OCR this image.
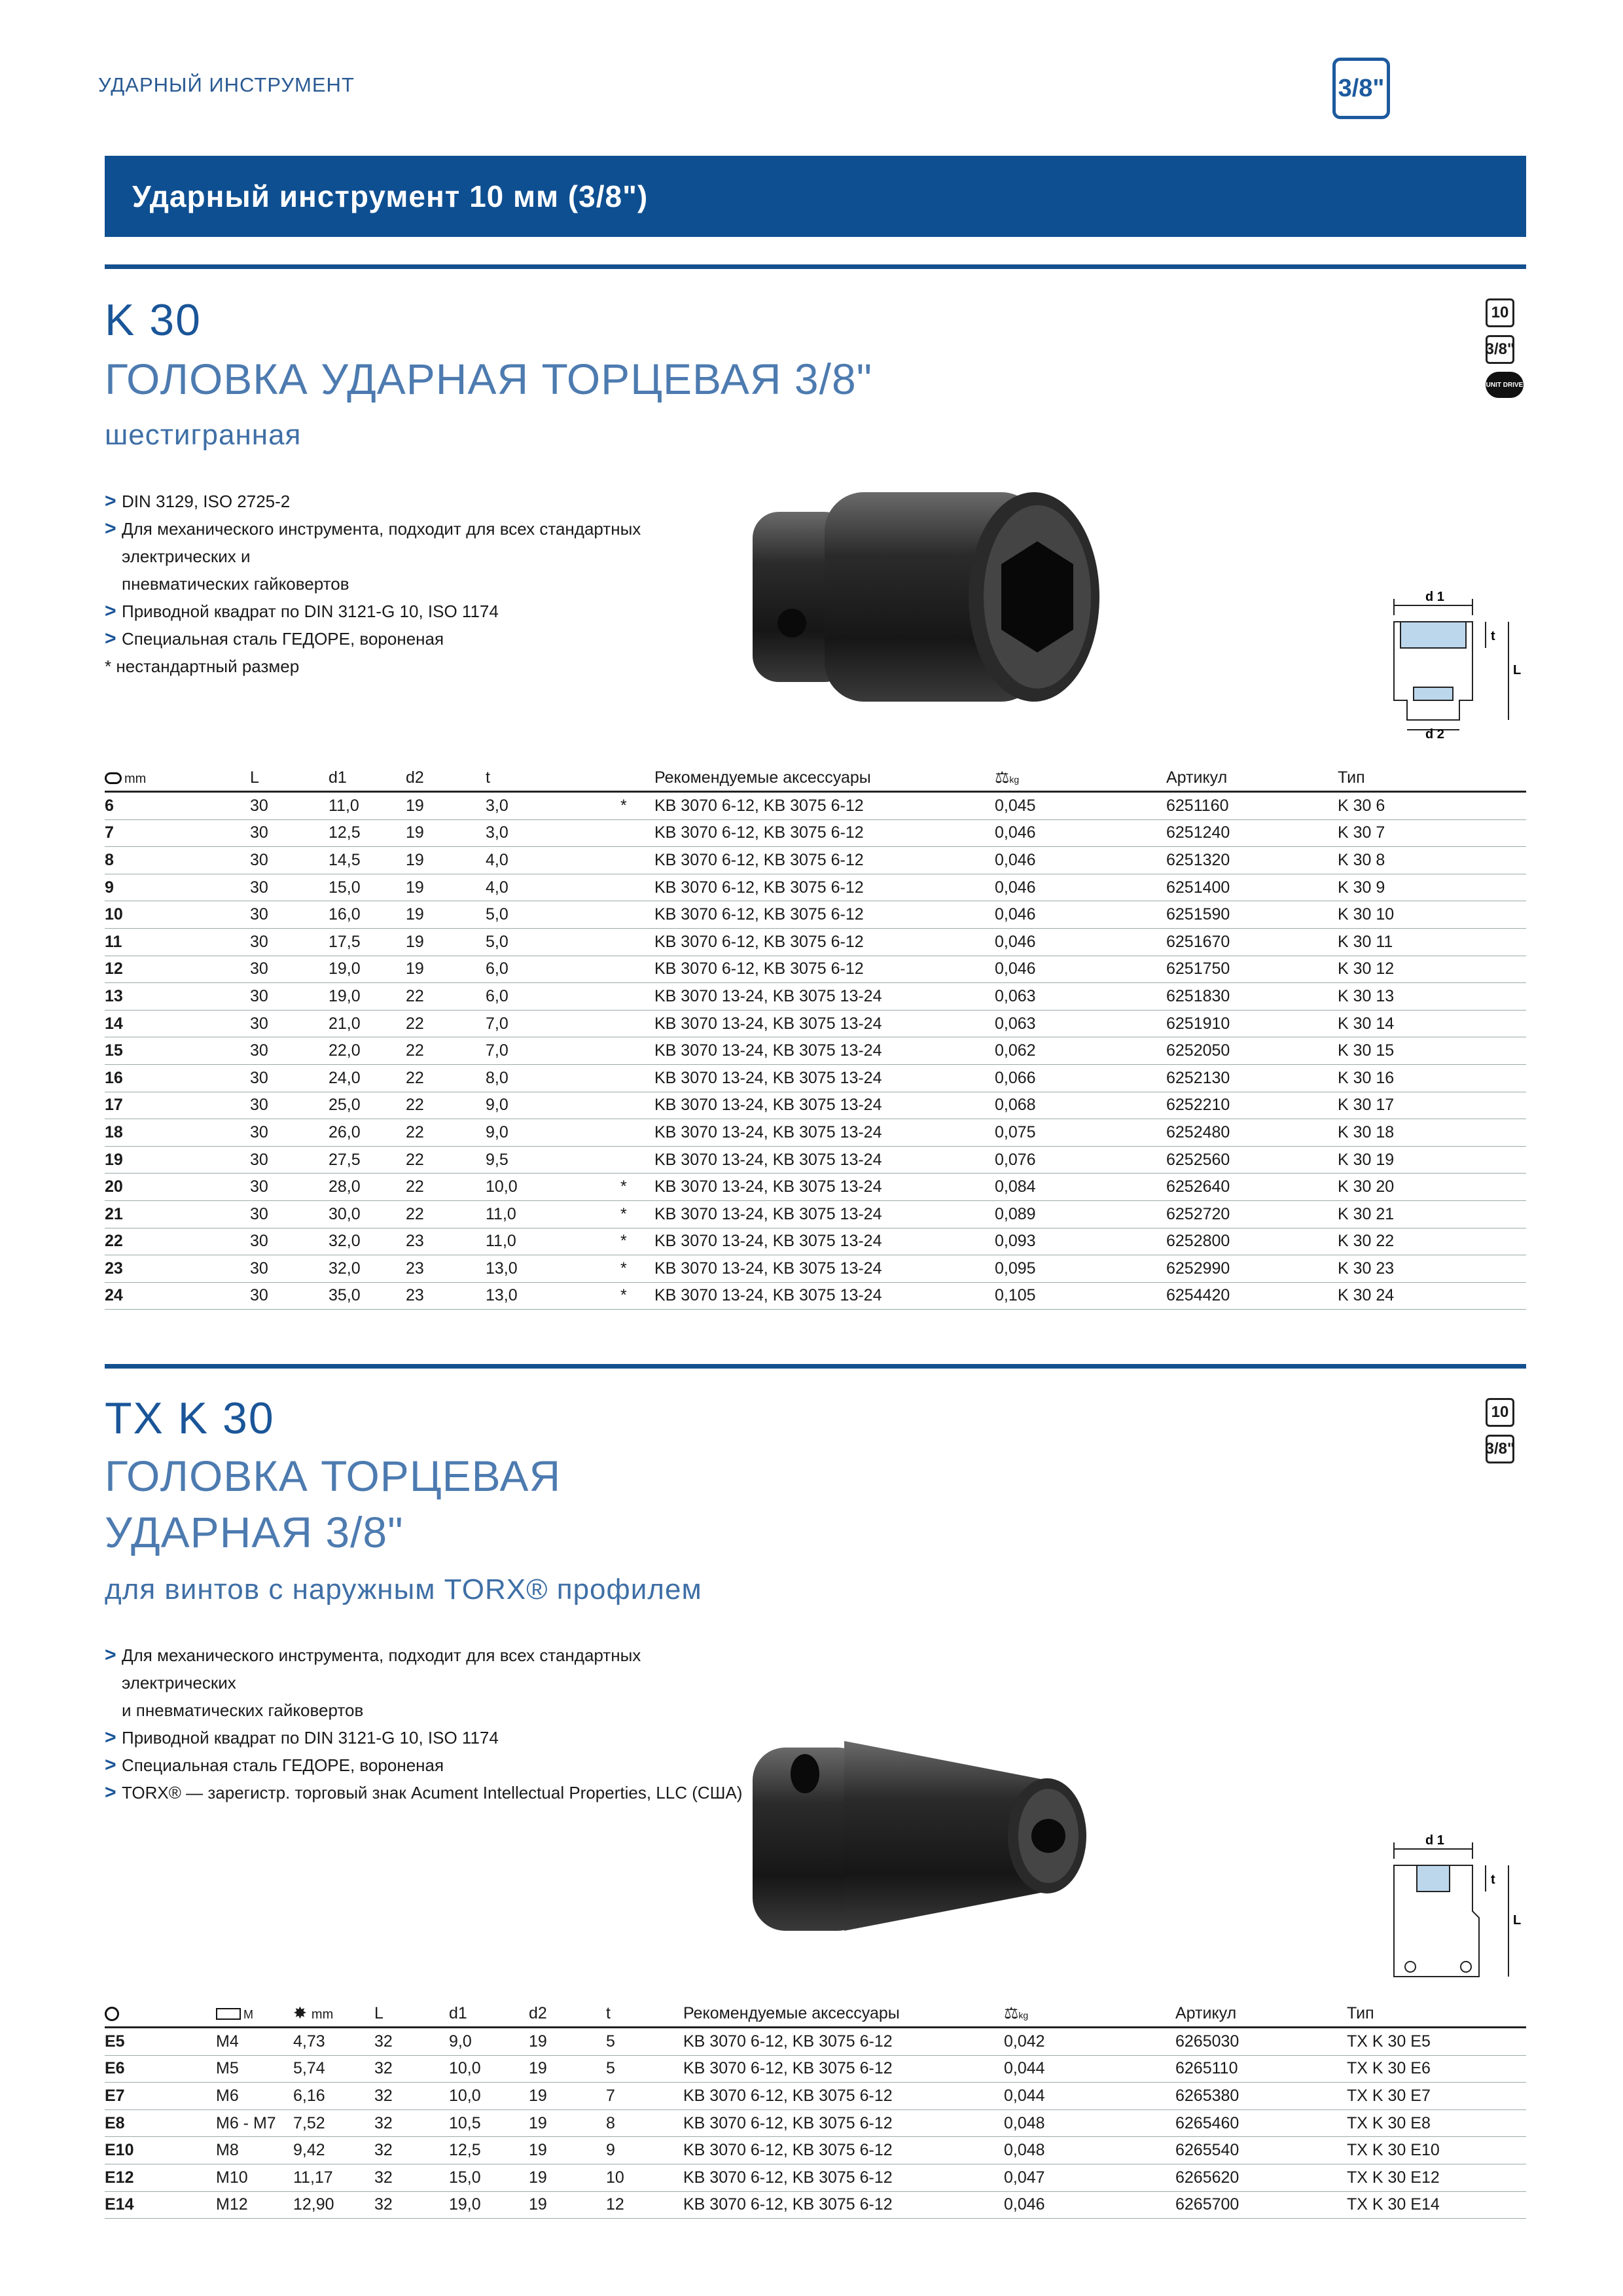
УДАРНЫЙ ИНСТРУМЕНТ	3/8"
Ударный инструмент 10 мм (3/8")
K 30
ГОЛОВКА УДАРНАЯ ТОРЦЕВАЯ 3/8"
шестигранная
10
3/8"
UNIT DRIVE
> DIN 3129, ISO 2725-2
> Для механического инструмента, подходит для всех стандартных электрических и
пневматических гайковертов
> Приводной квадрат по DIN 3121-G 10, ISO 1174
> Специальная сталь ГЕДОРЕ, вороненая
* нестандартный размер
d 1
t
L
d 2
mm	L	d1	d2	t		Рекомендуемые аксессуары	⚖kg	Артикул	Тип
6	30	11,0	19	3,0	*	KB 3070 6-12, KB 3075 6-12	0,045	6251160	K 30 6
7	30	12,5	19	3,0		KB 3070 6-12, KB 3075 6-12	0,046	6251240	K 30 7
8	30	14,5	19	4,0		KB 3070 6-12, KB 3075 6-12	0,046	6251320	K 30 8
9	30	15,0	19	4,0		KB 3070 6-12, KB 3075 6-12	0,046	6251400	K 30 9
10	30	16,0	19	5,0		KB 3070 6-12, KB 3075 6-12	0,046	6251590	K 30 10
11	30	17,5	19	5,0		KB 3070 6-12, KB 3075 6-12	0,046	6251670	K 30 11
12	30	19,0	19	6,0		KB 3070 6-12, KB 3075 6-12	0,046	6251750	K 30 12
13	30	19,0	22	6,0		KB 3070 13-24, KB 3075 13-24	0,063	6251830	K 30 13
14	30	21,0	22	7,0		KB 3070 13-24, KB 3075 13-24	0,063	6251910	K 30 14
15	30	22,0	22	7,0		KB 3070 13-24, KB 3075 13-24	0,062	6252050	K 30 15
16	30	24,0	22	8,0		KB 3070 13-24, KB 3075 13-24	0,066	6252130	K 30 16
17	30	25,0	22	9,0		KB 3070 13-24, KB 3075 13-24	0,068	6252210	K 30 17
18	30	26,0	22	9,0		KB 3070 13-24, KB 3075 13-24	0,075	6252480	K 30 18
19	30	27,5	22	9,5		KB 3070 13-24, KB 3075 13-24	0,076	6252560	K 30 19
20	30	28,0	22	10,0	*	KB 3070 13-24, KB 3075 13-24	0,084	6252640	K 30 20
21	30	30,0	22	11,0	*	KB 3070 13-24, KB 3075 13-24	0,089	6252720	K 30 21
22	30	32,0	23	11,0	*	KB 3070 13-24, KB 3075 13-24	0,093	6252800	K 30 22
23	30	32,0	23	13,0	*	KB 3070 13-24, KB 3075 13-24	0,095	6252990	K 30 23
24	30	35,0	23	13,0	*	KB 3070 13-24, KB 3075 13-24	0,105	6254420	K 30 24
TX K 30
ГОЛОВКА ТОРЦЕВАЯ
УДАРНАЯ 3/8"
для винтов с наружным TORX® профилем
10
3/8"
> Для механического инструмента, подходит для всех стандартных электрических
и пневматических гайковертов
> Приводной квадрат по DIN 3121-G 10, ISO 1174
> Специальная сталь ГЕДОРЕ, вороненая
> TORX® — зарегистр. торговый знак Acument Intellectual Properties, LLC (США)
d 1
t
L
	M	✸ mm	L	d1	d2	t	Рекомендуемые аксессуары	⚖kg	Артикул	Тип
E5	M4	4,73	32	9,0	19	5	KB 3070 6-12, KB 3075 6-12	0,042	6265030	TX K 30 E5
E6	M5	5,74	32	10,0	19	5	KB 3070 6-12, KB 3075 6-12	0,044	6265110	TX K 30 E6
E7	M6	6,16	32	10,0	19	7	KB 3070 6-12, KB 3075 6-12	0,044	6265380	TX K 30 E7
E8	M6 - M7	7,52	32	10,5	19	8	KB 3070 6-12, KB 3075 6-12	0,048	6265460	TX K 30 E8
E10	M8	9,42	32	12,5	19	9	KB 3070 6-12, KB 3075 6-12	0,048	6265540	TX K 30 E10
E12	M10	11,17	32	15,0	19	10	KB 3070 6-12, KB 3075 6-12	0,047	6265620	TX K 30 E12
E14	M12	12,90	32	19,0	19	12	KB 3070 6-12, KB 3075 6-12	0,046	6265700	TX K 30 E14
